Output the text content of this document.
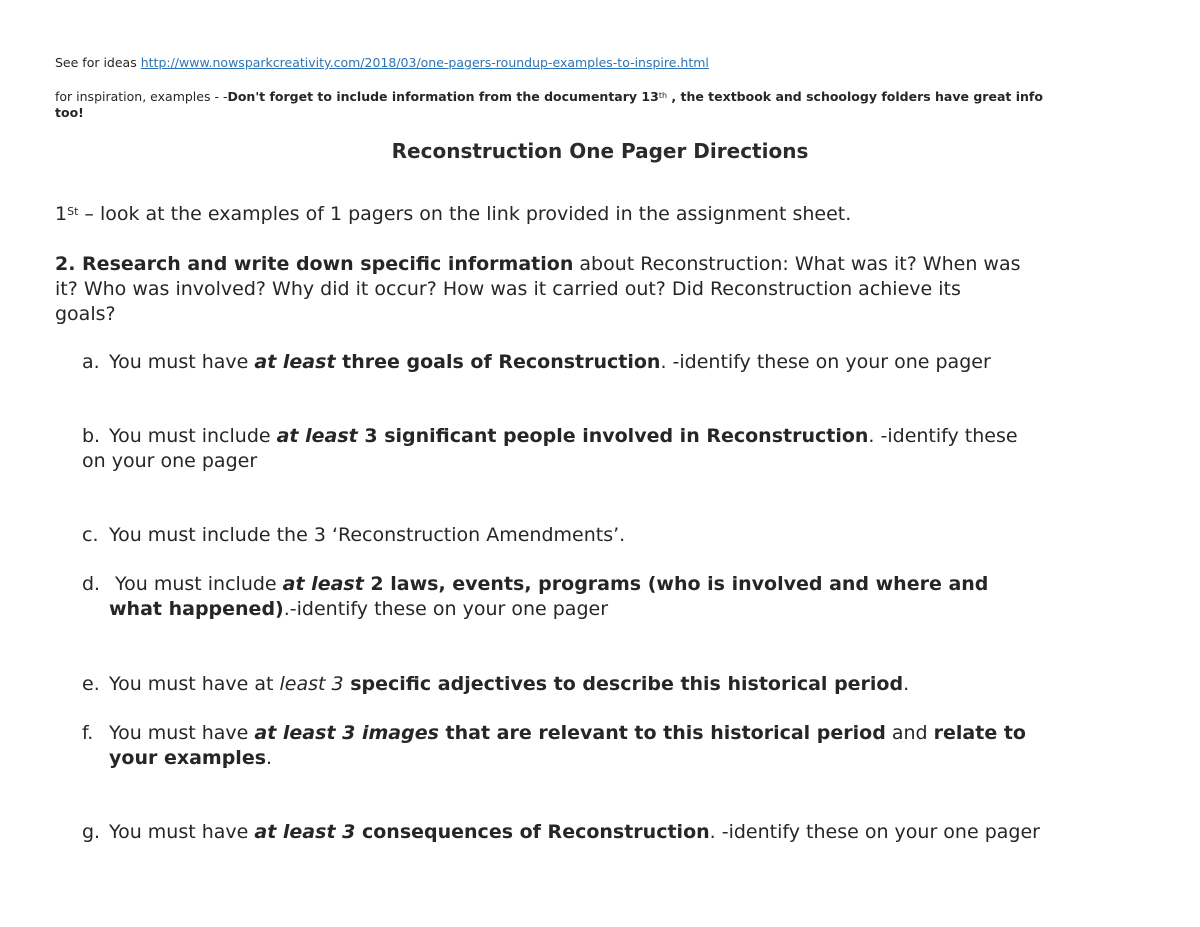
See for ideas http://www.nowsparkcreativity.com/2018/03/one-pagers-roundup-examples-to-inspire.html
for inspiration, examples - -Don't forget to include information from the documentary 13th , the textbook and schoology folders have great info
too!
Reconstruction One Pager Directions
1St – look at the examples of 1 pagers on the link provided in the assignment sheet.
2. Research and write down specific information about Reconstruction: What was it? When was
it? Who was involved? Why did it occur? How was it carried out? Did Reconstruction achieve its
goals?
a. You must have at least three goals of Reconstruction. -identify these on your one pager
b. You must include at least 3 significant people involved in Reconstruction. -identify these
on your one pager
c. You must include the 3 ‘Reconstruction Amendments’.
d. You must include at least 2 laws, events, programs (who is involved and where and
what happened).-identify these on your one pager
e. You must have at least 3 specific adjectives to describe this historical period.
f. You must have at least 3 images that are relevant to this historical period and relate to
your examples.
g. You must have at least 3 consequences of Reconstruction. -identify these on your one pager
